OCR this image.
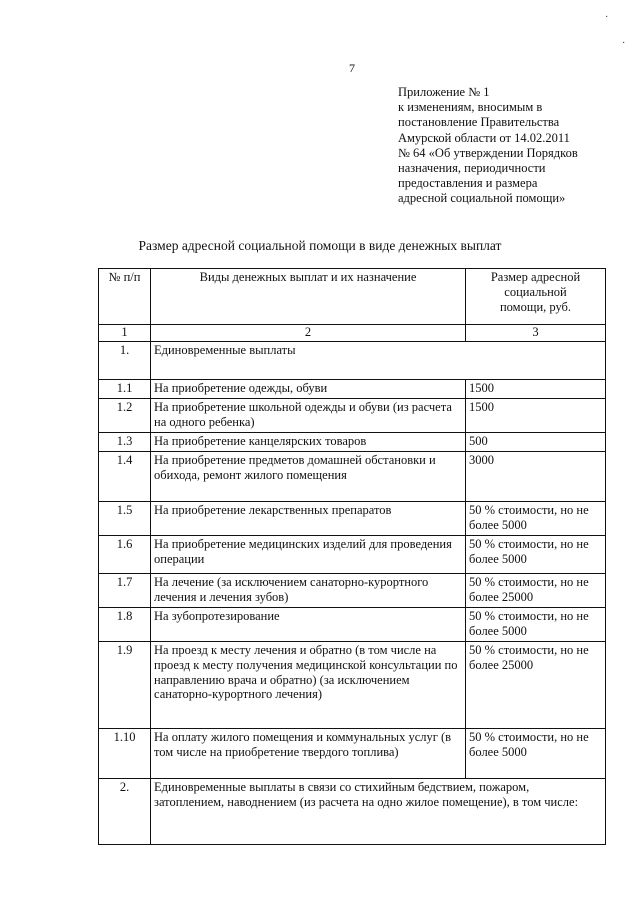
7
Приложение № 1
к изменениям, вносимым в
постановление Правительства
Амурской области от 14.02.2011
№ 64 «Об утверждении Порядков
назначения, периодичности
предоставления и размера
адресной социальной помощи»
Размер адресной социальной помощи в виде денежных выплат
№ п/п	Виды денежных выплат и их назначение	Размер адресной
социальной
помощи, руб.

1	2	3
1.	Единовременные выплаты	
1.1	На приобретение одежды, обуви	1500
1.2	На приобретение школьной одежды и обуви (из расчета на одного ребенка)	1500
1.3	На приобретение канцелярских товаров	500
1.4	На приобретение предметов домашней обстановки и обихода, ремонт жилого помещения	3000
1.5	На приобретение лекарственных препаратов	50 % стоимости, но не более 5000
1.6	На приобретение медицинских изделий для проведения операции	50 % стоимости, но не более 5000
1.7	На лечение (за исключением санаторно-курортного лечения и лечения зубов)	50 % стоимости, но не более 25000
1.8	На зубопротезирование	50 % стоимости, но не более 5000
1.9	На проезд к месту лечения и обратно (в том числе на проезд к месту получения медицинской консультации по направлению врача и обратно) (за исключением санаторно-курортного лечения)	50 % стоимости, но не более 25000
1.10	На оплату жилого помещения и коммунальных услуг (в том числе на приобретение твердого топлива)	50 % стоимости, но не более 5000
2.	Единовременные выплаты в связи со стихийным бедствием, пожаром, затоплением, наводнением (из расчета на одно жилое помещение), в том числе:	
·
·
